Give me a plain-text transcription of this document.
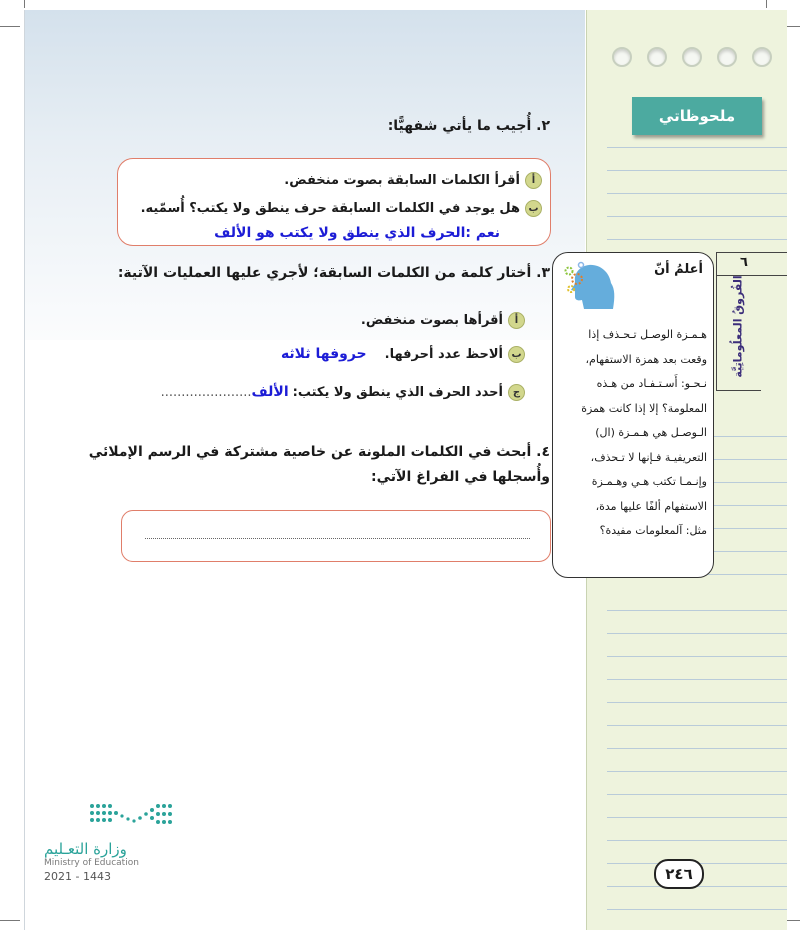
ملحوظاتي
٢. أُجيب ما يأتي شفهيًّا:
أأقرأ الكلمات السابقة بصوت منخفض.
بهل يوجد في الكلمات السابقة حرف ينطق ولا يكتب؟ أُسمّيه.
نعم :الحرف الذي ينطق ولا يكتب هو الألف
٣. أختار كلمة من الكلمات السابقة؛ لأجري عليها العمليات الآتية:
أأقرأها بصوت منخفض.
بألاحظ عدد أحرفها.حروفها ثلاثه
جأحدد الحرف الذي ينطق ولا يكتب:الألف......................
٤. أبحث في الكلمات الملونة عن خاصية مشتركة في الرسم الإملائي
وأُسجلها في الفراغ الآتي:
أعلمُ أنّ
هـمـزة الوصـل تـحـذف إذا
وقعت بعد همزة الاستفهام،
نـحـو: أَسـتـفـاد من هـذه
المعلومة؟ إلا إذا كانت همزة
الـوصـل هي هـمـزة (ال)
التعريفيـة فـإنها لا تـحذف،
وإنـمـا تكتب هـي وهـمـزة
الاستفهام ألفًا عليها مدة،
مثل: آلمعلومات مفيدة؟
٦
الفُروقُ المعلُوماتِيَّة
وزارة التعـليم
Ministry of Education
2021 - 1443	٢٤٦
